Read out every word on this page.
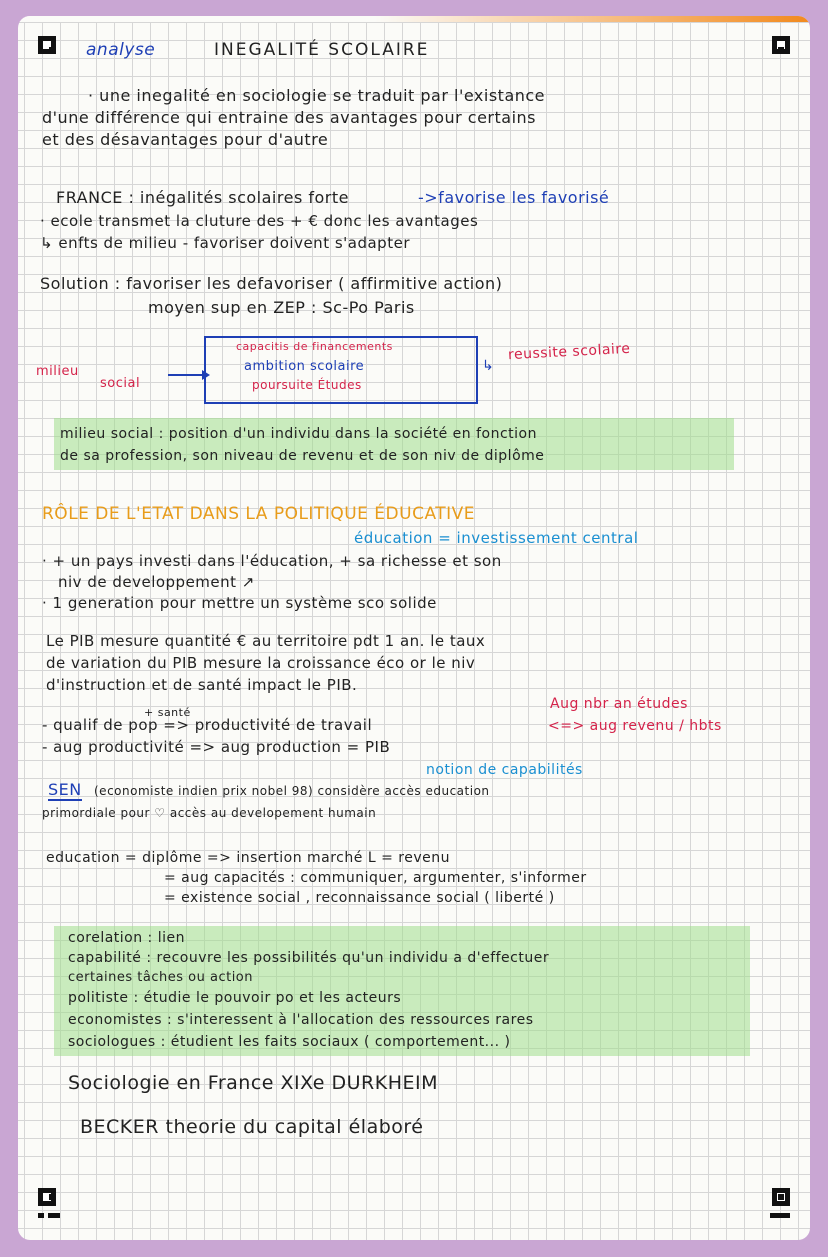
analyse	INEGALITÉ SCOLAIRE
· une inegalité en sociologie se traduit par l'existance
d'une différence qui entraine des avantages pour certains
et des désavantages pour d'autre
FRANCE : inégalités scolaires forte	->favorise les favorisé
· ecole transmet la cluture des + € donc les avantages
↳ enfts de milieu - favoriser doivent s'adapter
Solution : favoriser les defavoriser ( affirmitive action)
moyen sup en ZEP : Sc-Po Paris
milieu
social
capacitis de financements
ambition scolaire
poursuite Études
↳
reussite scolaire
milieu social : position d'un individu dans la société en fonction
de sa profession, son niveau de revenu et de son niv de diplôme
RÔLE DE L'ETAT DANS LA POLITIQUE ÉDUCATIVE
éducation = investissement central
· + un pays investi dans l'éducation, + sa richesse et son
niv de developpement ↗
· 1 generation pour mettre un système sco solide
Le PIB mesure quantité € au territoire pdt 1 an. le taux
de variation du PIB mesure la croissance éco or le niv
d'instruction et de santé impact le PIB.
+ santé
- qualif de pop => productivité de travail
- aug productivité => aug production = PIB
Aug nbr an études
<=> aug revenu / hbts
notion de capabilités
SEN (economiste indien prix nobel 98) considère accès education
primordiale pour ♡ accès au developement humain
education = diplôme => insertion marché L = revenu
= aug capacités : communiquer, argumenter, s'informer
= existence social , reconnaissance social ( liberté )
corelation : lien
capabilité : recouvre les possibilités qu'un individu a d'effectuer
certaines tâches ou action
politiste : étudie le pouvoir po et les acteurs
economistes : s'interessent à l'allocation des ressources rares
sociologues : étudient les faits sociaux ( comportement... )
Sociologie en France XIXe DURKHEIM
BECKER theorie du capital élaboré
